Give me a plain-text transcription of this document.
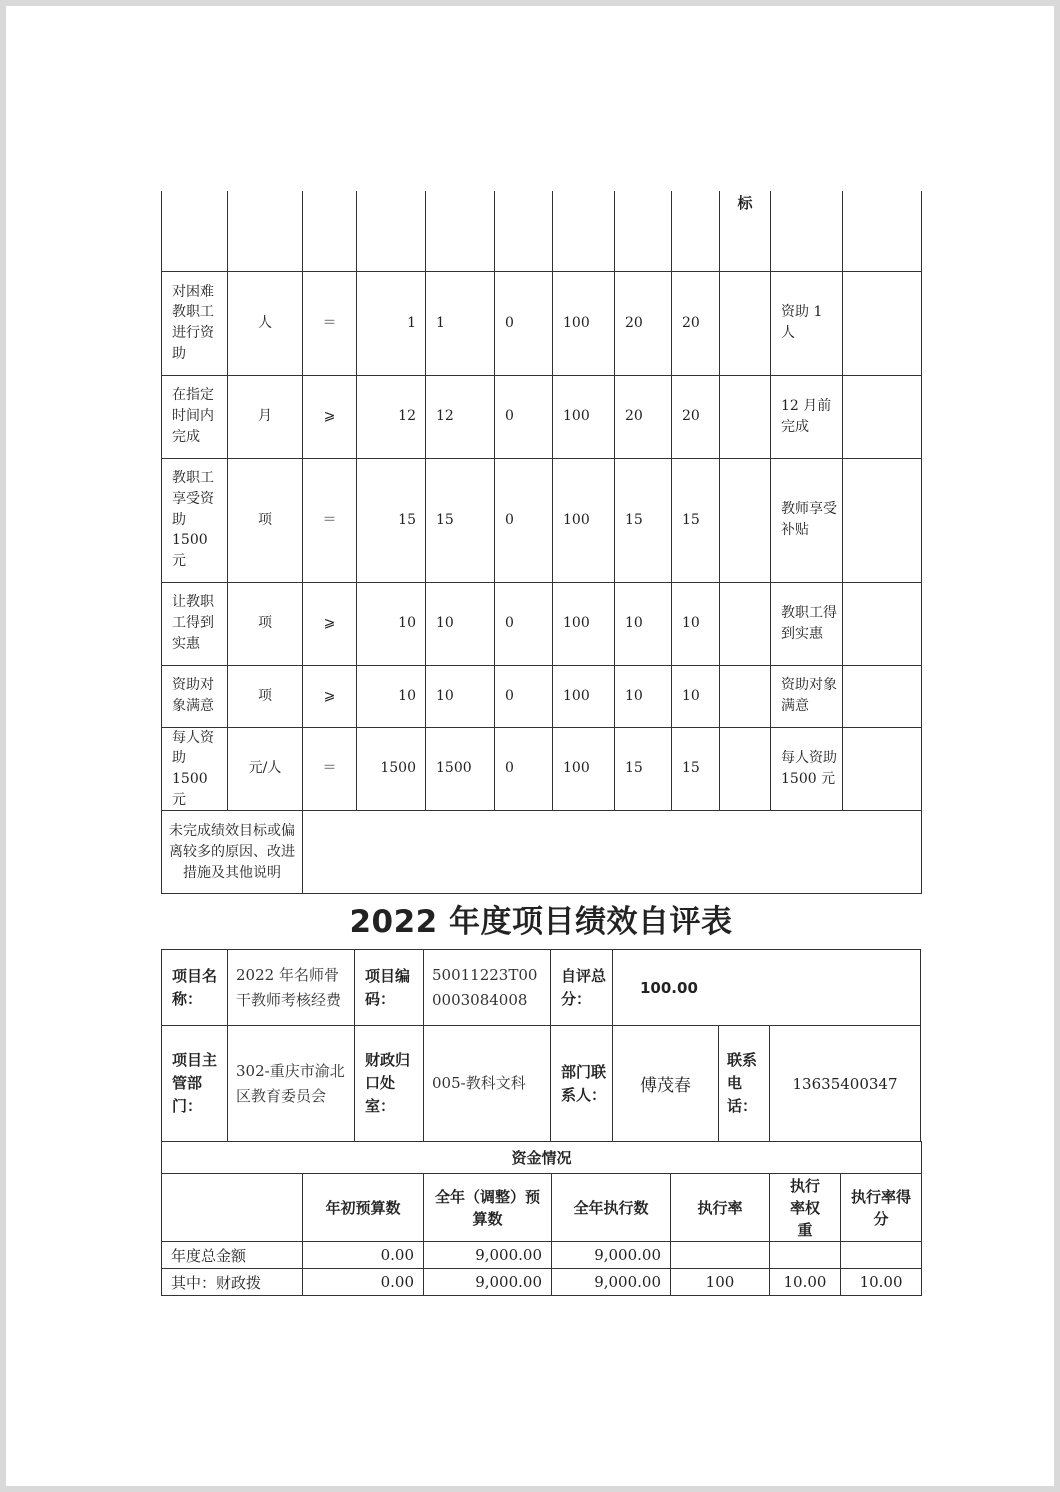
									标		
对困难教职工进行资助	人	＝	1	1	0	100	20	20		资助 1 人	
在指定时间内完成	月	⩾	12	12	0	100	20	20		12 月前完成	
教职工享受资助 1500 元	项	＝	15	15	0	100	15	15		教师享受补贴	
让教职工得到实惠	项	⩾	10	10	0	100	10	10		教职工得到实惠	
资助对象满意	项	⩾	10	10	0	100	10	10		资助对象满意	
每人资助 1500 元	元/人	＝	1500	1500	0	100	15	15		每人资助 1500 元	
未完成绩效目标或偏离较多的原因、改进措施及其他说明											
2022 年度项目绩效自评表
项目名称：	2022 年名师骨干教师考核经费	项目编码：	50011223T000003084008	自评总分：	100.00		
项目主管部门：	302-重庆市渝北区教育委员会	财政归口处室：	005-教科文科	部门联系人：	傅茂春	联系电话：	13635400347
资金情况						
	年初预算数	全年（调整）预算数	全年执行数	执行率	执行率权重	执行率得分
年度总金额	0.00	9,000.00	9,000.00			
其中：财政拨	0.00	9,000.00	9,000.00	100	10.00	10.00
